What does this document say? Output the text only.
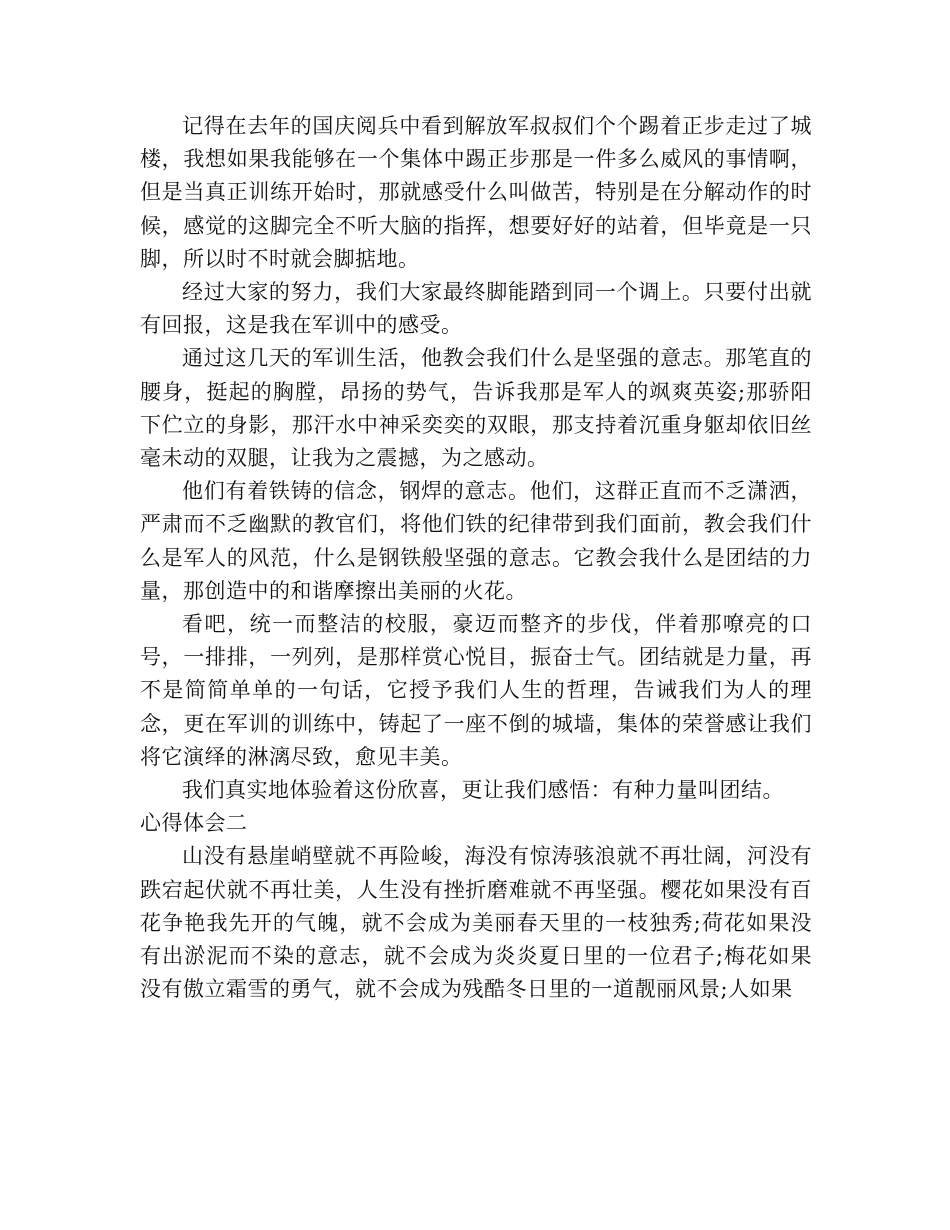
记得在去年的国庆阅兵中看到解放军叔叔们个个踢着正步走过了城楼，我想如果我能够在一个集体中踢正步那是一件多么威风的事情啊，但是当真正训练开始时，那就感受什么叫做苦，特别是在分解动作的时候，感觉的这脚完全不听大脑的指挥，想要好好的站着，但毕竟是一只脚，所以时不时就会脚掂地。

经过大家的努力，我们大家最终脚能踏到同一个调上。只要付出就有回报，这是我在军训中的感受。

通过这几天的军训生活，他教会我们什么是坚强的意志。那笔直的腰身，挺起的胸膛，昂扬的势气，告诉我那是军人的飒爽英姿;那骄阳下伫立的身影，那汗水中神采奕奕的双眼，那支持着沉重身躯却依旧丝毫未动的双腿，让我为之震撼，为之感动。

他们有着铁铸的信念，钢焊的意志。他们，这群正直而不乏潇洒，严肃而不乏幽默的教官们，将他们铁的纪律带到我们面前，教会我们什么是军人的风范，什么是钢铁般坚强的意志。它教会我什么是团结的力量，那创造中的和谐摩擦出美丽的火花。

看吧，统一而整洁的校服，豪迈而整齐的步伐，伴着那嘹亮的口号，一排排，一列列，是那样赏心悦目，振奋士气。团结就是力量，再不是简简单单的一句话，它授予我们人生的哲理，告诫我们为人的理念，更在军训的训练中，铸起了一座不倒的城墙，集体的荣誉感让我们将它演绎的淋漓尽致，愈见丰美。

我们真实地体验着这份欣喜，更让我们感悟：有种力量叫团结。

心得体会二

山没有悬崖峭壁就不再险峻，海没有惊涛骇浪就不再壮阔，河没有跌宕起伏就不再壮美，人生没有挫折磨难就不再坚强。樱花如果没有百花争艳我先开的气魄，就不会成为美丽春天里的一枝独秀;荷花如果没有出淤泥而不染的意志，就不会成为炎炎夏日里的一位君子;梅花如果没有傲立霜雪的勇气，就不会成为残酷冬日里的一道靓丽风景;人如果
